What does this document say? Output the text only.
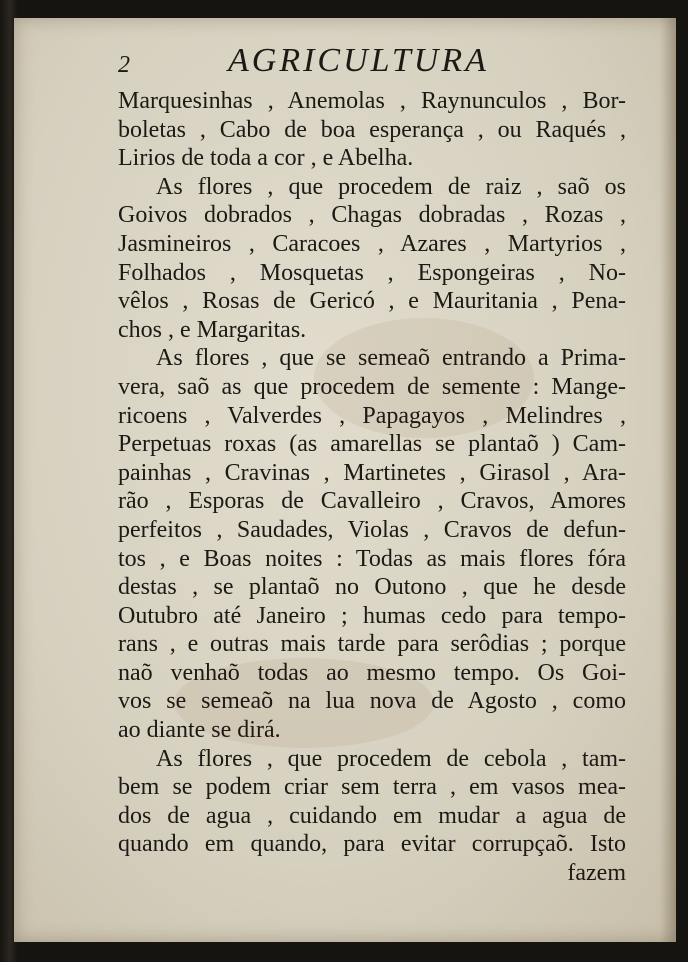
2	AGRICULTURA
Marquesinhas , Anemolas , Raynunculos , Bor-
boletas , Cabo de boa esperança , ou Raqués ,
Lirios de toda a cor , e Abelha.
As flores , que procedem de raiz , saõ os
Goivos dobrados , Chagas dobradas , Rozas ,
Jasmineiros , Caracoes , Azares , Martyrios ,
Folhados , Mosquetas , Espongeiras , No-
vêlos , Rosas de Gericó , e Mauritania , Pena-
chos , e Margaritas.
As flores , que se semeaõ entrando a Prima-
vera, saõ as que procedem de semente : Mange-
ricoens , Valverdes , Papagayos , Melindres ,
Perpetuas roxas (as amarellas se plantaõ ) Cam-
painhas , Cravinas , Martinetes , Girasol , Ara-
rão , Esporas de Cavalleiro , Cravos, Amores
perfeitos , Saudades, Violas , Cravos de defun-
tos , e Boas noites : Todas as mais flores fóra
destas , se plantaõ no Outono , que he desde
Outubro até Janeiro ; humas cedo para tempo-
rans , e outras mais tarde para serôdias ; porque
naõ venhaõ todas ao mesmo tempo. Os Goi-
vos se semeaõ na lua nova de Agosto , como
ao diante se dirá.
As flores , que procedem de cebola , tam-
bem se podem criar sem terra , em vasos mea-
dos de agua , cuidando em mudar a agua de
quando em quando, para evitar corrupçaõ. Isto
fazem
